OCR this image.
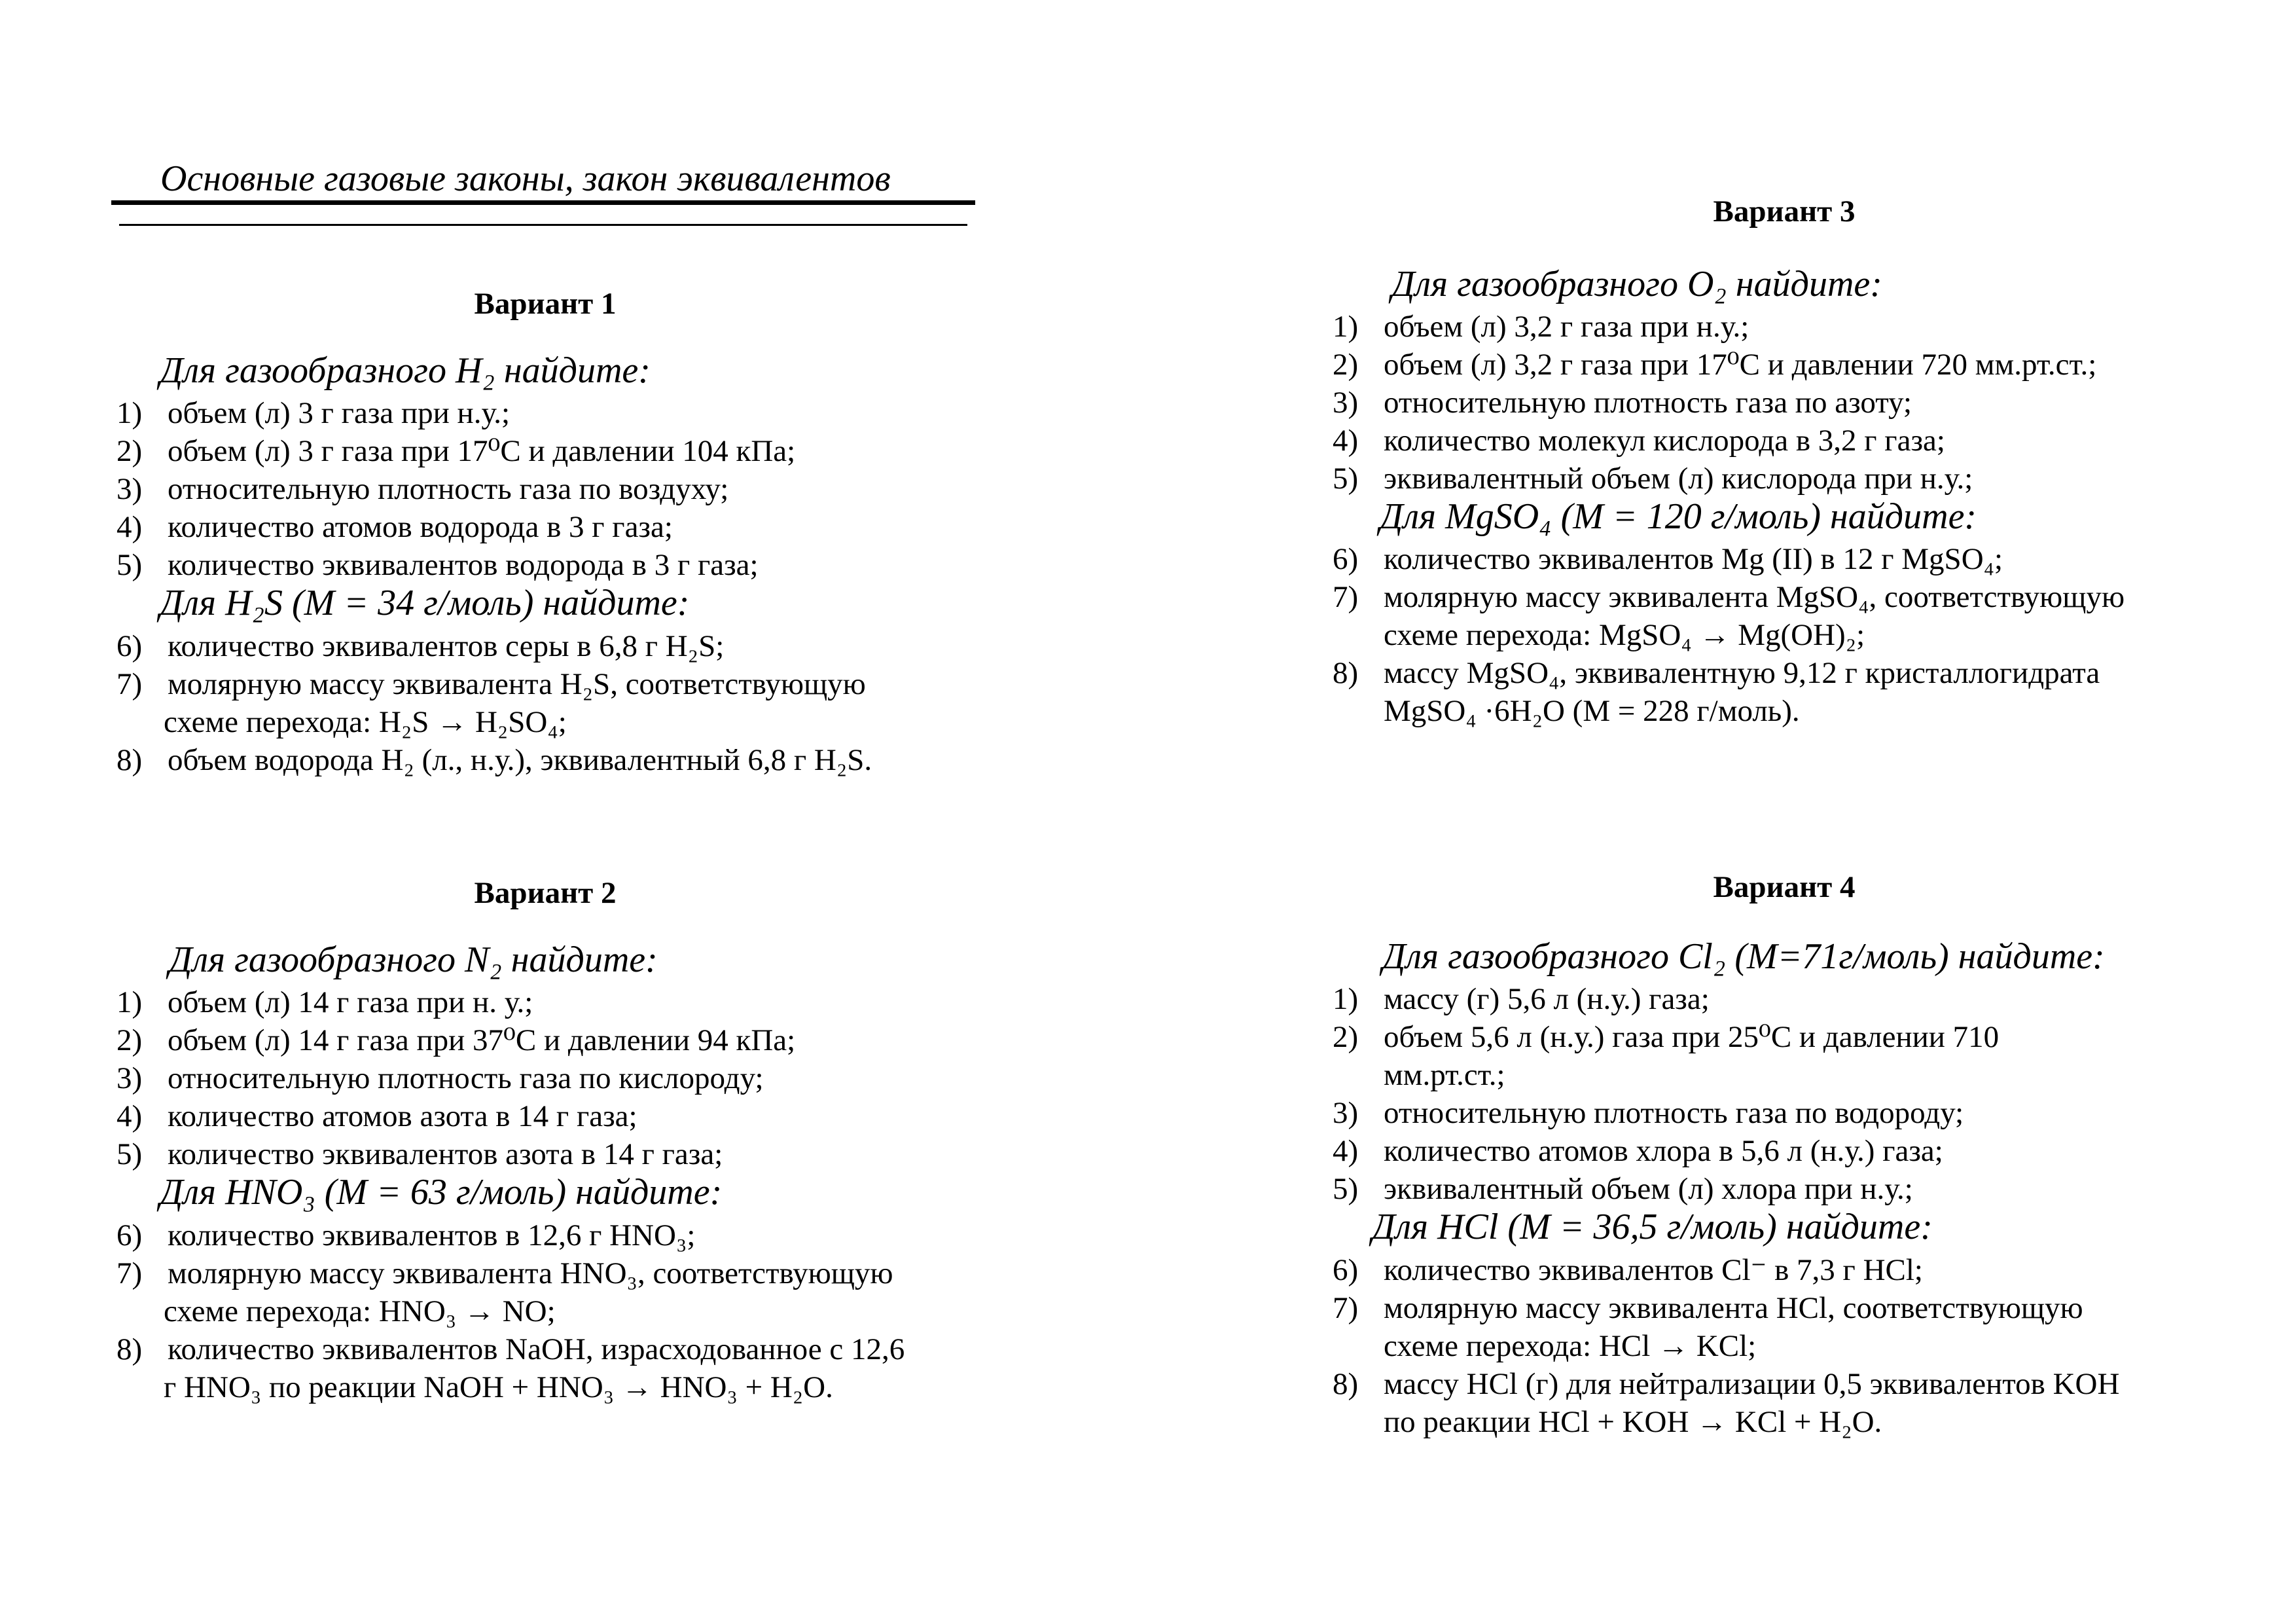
Основные газовые законы, закон эквивалентов
Вариант 1
Для газообразного H₂ найдите:
1) объем (л) 3 г газа при н.у.;
2) объем (л) 3 г газа при 17⁰С и давлении 104 кПа;
3) относительную плотность газа по воздуху;
4) количество атомов водорода в 3 г газа;
5) количество эквивалентов водорода в 3 г газа;
Для H₂S (M = 34 г/моль) найдите:
6) количество эквивалентов серы в 6,8 г H₂S;
7) молярную массу эквивалента H₂S, соответствующую
схеме перехода: H₂S → H₂SO₄;
8) объем водорода H₂ (л., н.у.), эквивалентный 6,8 г H₂S.
Вариант 2
Для газообразного N₂ найдите:
1) объем (л) 14 г газа при н. у.;
2) объем (л) 14 г газа при 37⁰С и давлении 94 кПа;
3) относительную плотность газа по кислороду;
4) количество атомов азота в 14 г газа;
5) количество эквивалентов азота в 14 г газа;
Для HNO₃ (M = 63 г/моль) найдите:
6) количество эквивалентов в 12,6 г HNO₃;
7) молярную массу эквивалента HNO₃, соответствующую
схеме перехода: HNO₃ → NO;
8) количество эквивалентов NaOH, израсходованное с 12,6
г HNO₃ по реакции NaOH + HNO₃ → HNO₃ + H₂O.
Вариант 3
Для газообразного O₂ найдите:
1) объем (л) 3,2 г газа при н.у.;
2) объем (л) 3,2 г газа при 17⁰С и давлении 720 мм.рт.ст.;
3) относительную плотность газа по азоту;
4) количество молекул кислорода в 3,2 г газа;
5) эквивалентный объем (л) кислорода при н.у.;
Для MgSO₄ (M = 120 г/моль) найдите:
6) количество эквивалентов Mg (II) в 12 г MgSO₄;
7) молярную массу эквивалента MgSO₄, соответствующую
схеме перехода: MgSO₄ → Mg(OH)₂;
8) массу MgSO₄, эквивалентную 9,12 г кристаллогидрата
MgSO₄ ·6H₂O (M = 228 г/моль).
Вариант 4
Для газообразного Cl₂ (M=71г/моль) найдите:
1) массу (г) 5,6 л (н.у.) газа;
2) объем 5,6 л (н.у.) газа при 25⁰С и давлении 710
мм.рт.ст.;
3) относительную плотность газа по водороду;
4) количество атомов хлора в 5,6 л (н.у.) газа;
5) эквивалентный объем (л) хлора при н.у.;
Для HCl (M = 36,5 г/моль) найдите:
6) количество эквивалентов Cl⁻ в 7,3 г HCl;
7) молярную массу эквивалента HCl, соответствующую
схеме перехода: HCl → KCl;
8) массу HCl (г) для нейтрализации 0,5 эквивалентов KOH
по реакции HCl + KOH → KCl + H₂O.
